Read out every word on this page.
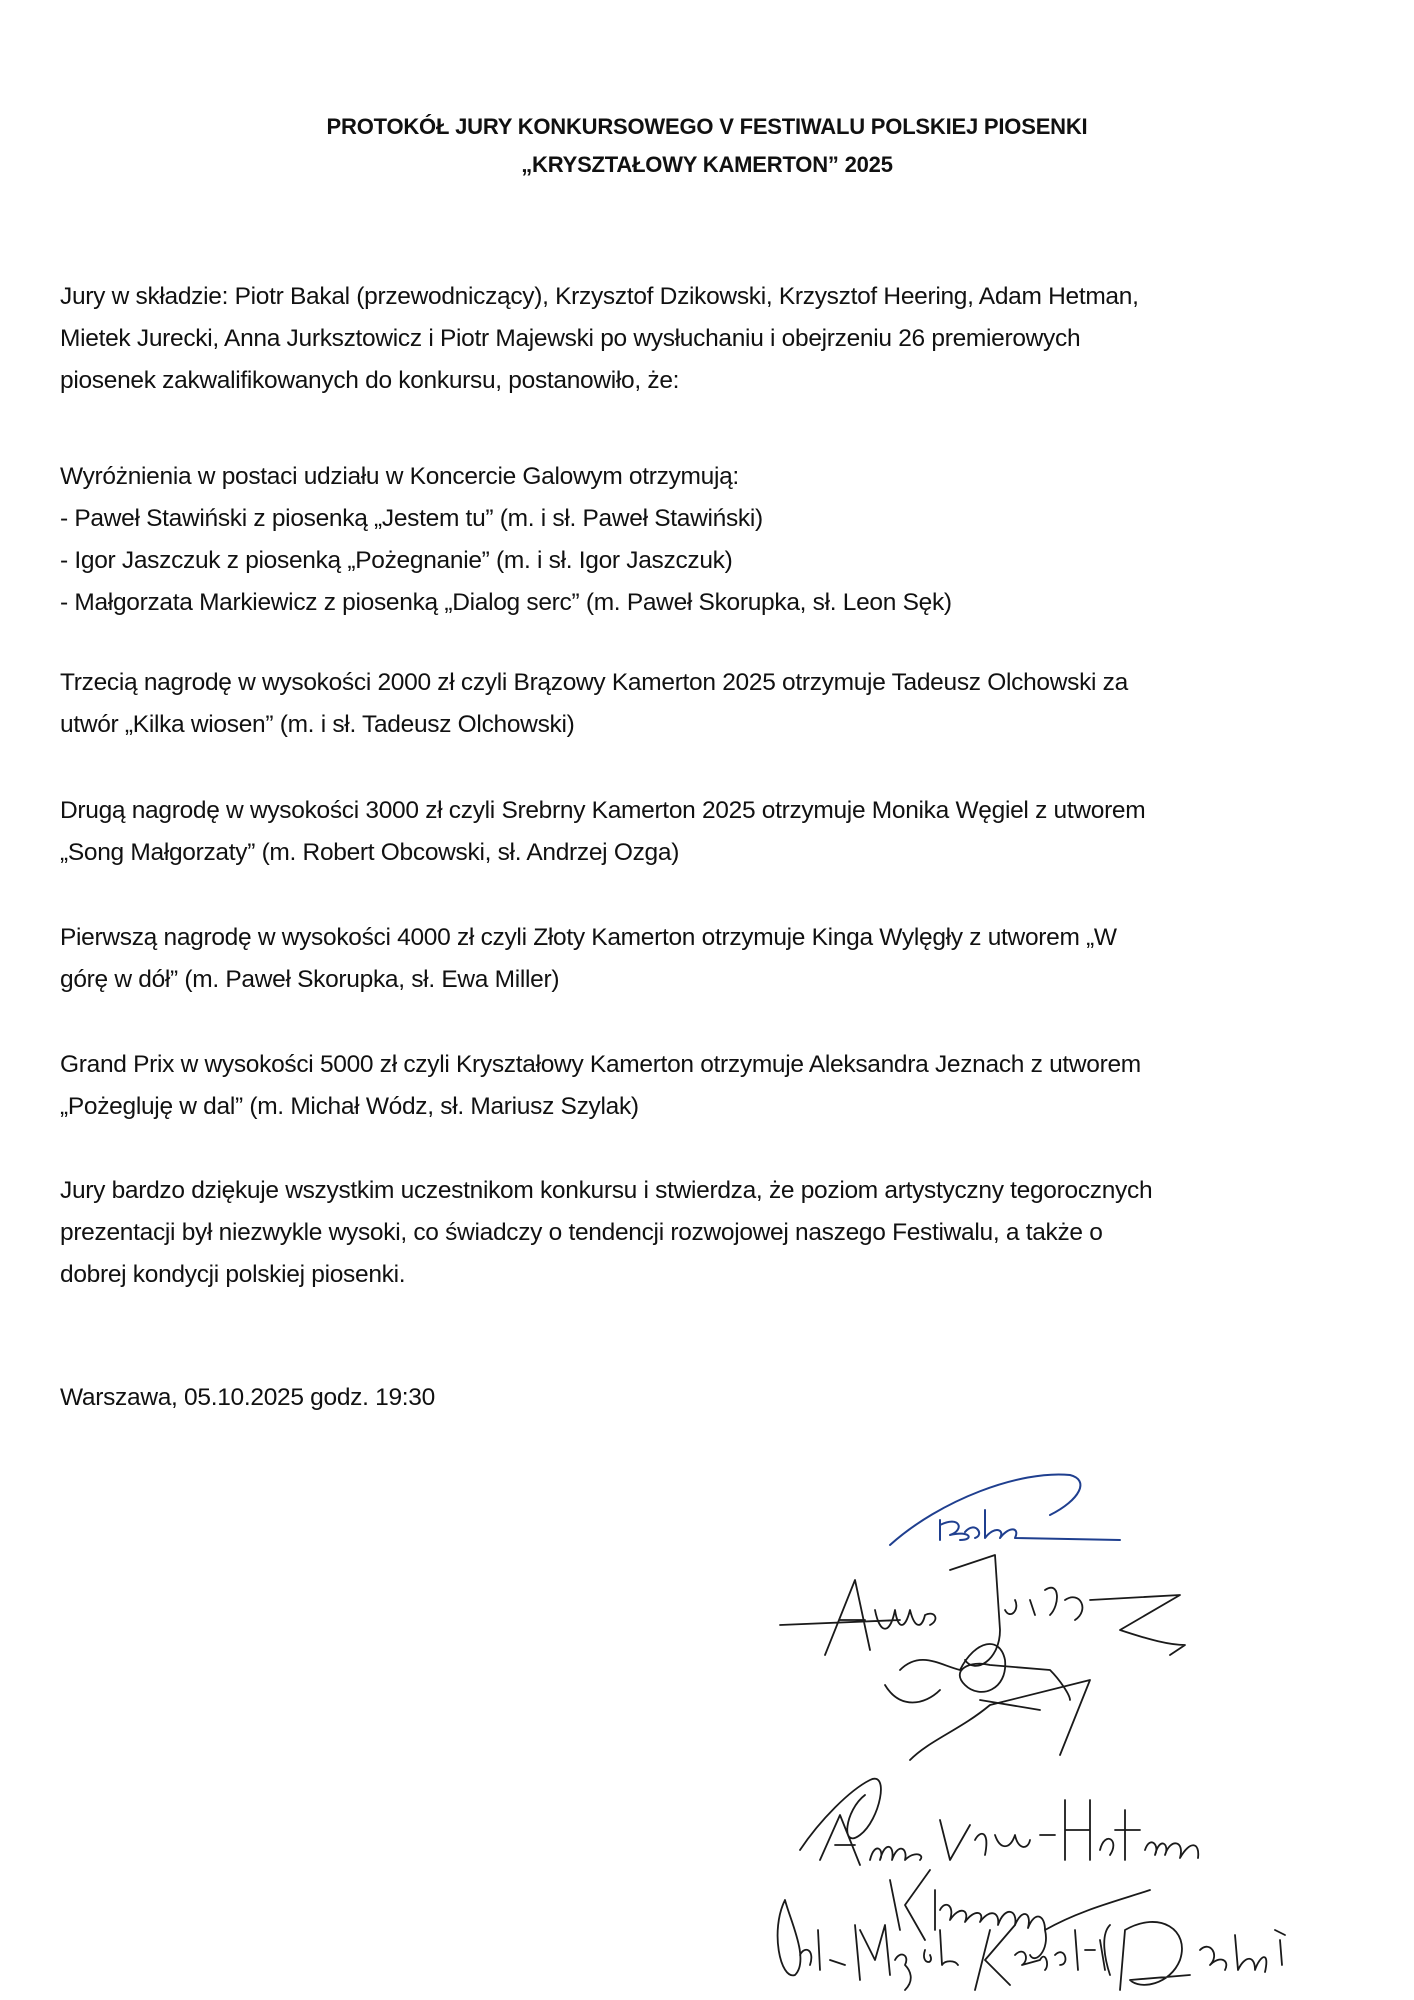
PROTOKÓŁ JURY KONKURSOWEGO V FESTIWALU POLSKIEJ PIOSENKI
„KRYSZTAŁOWY KAMERTON” 2025
Jury w składzie: Piotr Bakal (przewodniczący), Krzysztof Dzikowski, Krzysztof Heering, Adam Hetman,
Mietek Jurecki, Anna Jurksztowicz i Piotr Majewski po wysłuchaniu i obejrzeniu 26 premierowych
piosenek zakwalifikowanych do konkursu, postanowiło, że:
Wyróżnienia w postaci udziału w Koncercie Galowym otrzymują:
- Paweł Stawiński z piosenką „Jestem tu” (m. i sł. Paweł Stawiński)
- Igor Jaszczuk z piosenką „Pożegnanie” (m. i sł. Igor Jaszczuk)
- Małgorzata Markiewicz z piosenką „Dialog serc” (m. Paweł Skorupka, sł. Leon Sęk)
Trzecią nagrodę w wysokości 2000 zł czyli Brązowy Kamerton 2025 otrzymuje Tadeusz Olchowski za
utwór „Kilka wiosen” (m. i sł. Tadeusz Olchowski)
Drugą nagrodę w wysokości 3000 zł czyli Srebrny Kamerton 2025 otrzymuje Monika Węgiel z utworem
„Song Małgorzaty” (m. Robert Obcowski, sł. Andrzej Ozga)
Pierwszą nagrodę w wysokości 4000 zł czyli Złoty Kamerton otrzymuje Kinga Wylęgły z utworem „W
górę w dół” (m. Paweł Skorupka, sł. Ewa Miller)
Grand Prix w wysokości 5000 zł czyli Kryształowy Kamerton otrzymuje Aleksandra Jeznach z utworem
„Pożegluję w dal” (m. Michał Wódz, sł. Mariusz Szylak)
Jury bardzo dziękuje wszystkim uczestnikom konkursu i stwierdza, że poziom artystyczny tegorocznych
prezentacji był niezwykle wysoki, co świadczy o tendencji rozwojowej naszego Festiwalu, a także o
dobrej kondycji polskiej piosenki.
Warszawa, 05.10.2025 godz. 19:30
